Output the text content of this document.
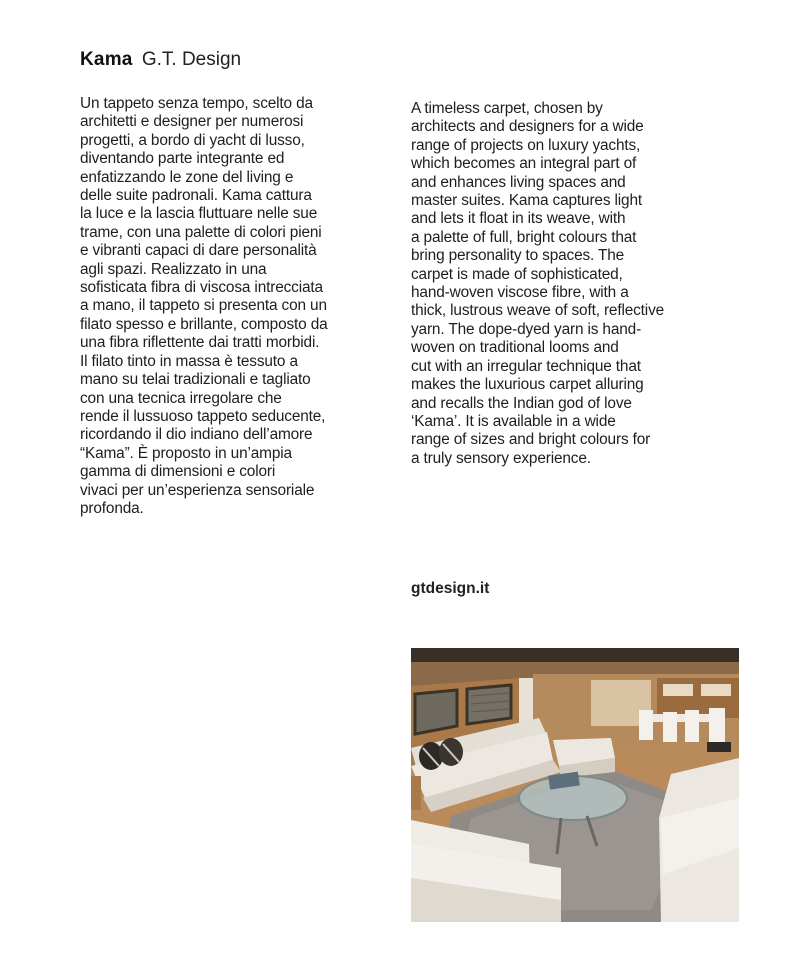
Kama G.T. Design
Un tappeto senza tempo, scelto da
architetti e designer per numerosi
progetti, a bordo di yacht di lusso,
diventando parte integrante ed
enfatizzando le zone del living e
delle suite padronali. Kama cattura
la luce e la lascia fluttuare nelle sue
trame, con una palette di colori pieni
e vibranti capaci di dare personalità
agli spazi. Realizzato in una
sofisticata fibra di viscosa intrecciata
a mano, il tappeto si presenta con un
filato spesso e brillante, composto da
una fibra riflettente dai tratti morbidi.
Il filato tinto in massa è tessuto a
mano su telai tradizionali e tagliato
con una tecnica irregolare che
rende il lussuoso tappeto seducente,
ricordando il dio indiano dell’amore
“Kama”. È proposto in un’ampia
gamma di dimensioni e colori
vivaci per un’esperienza sensoriale
profonda.
A timeless carpet, chosen by
architects and designers for a wide
range of projects on luxury yachts,
which becomes an integral part of
and enhances living spaces and
master suites. Kama captures light
and lets it float in its weave, with
a palette of full, bright colours that
bring personality to spaces. The
carpet is made of sophisticated,
hand-woven viscose fibre, with a
thick, lustrous weave of soft, reflective
yarn. The dope-dyed yarn is hand-
woven on traditional looms and
cut with an irregular technique that
makes the luxurious carpet alluring
and recalls the Indian god of love
‘Kama’. It is available in a wide
range of sizes and bright colours for
a truly sensory experience.
gtdesign.it
